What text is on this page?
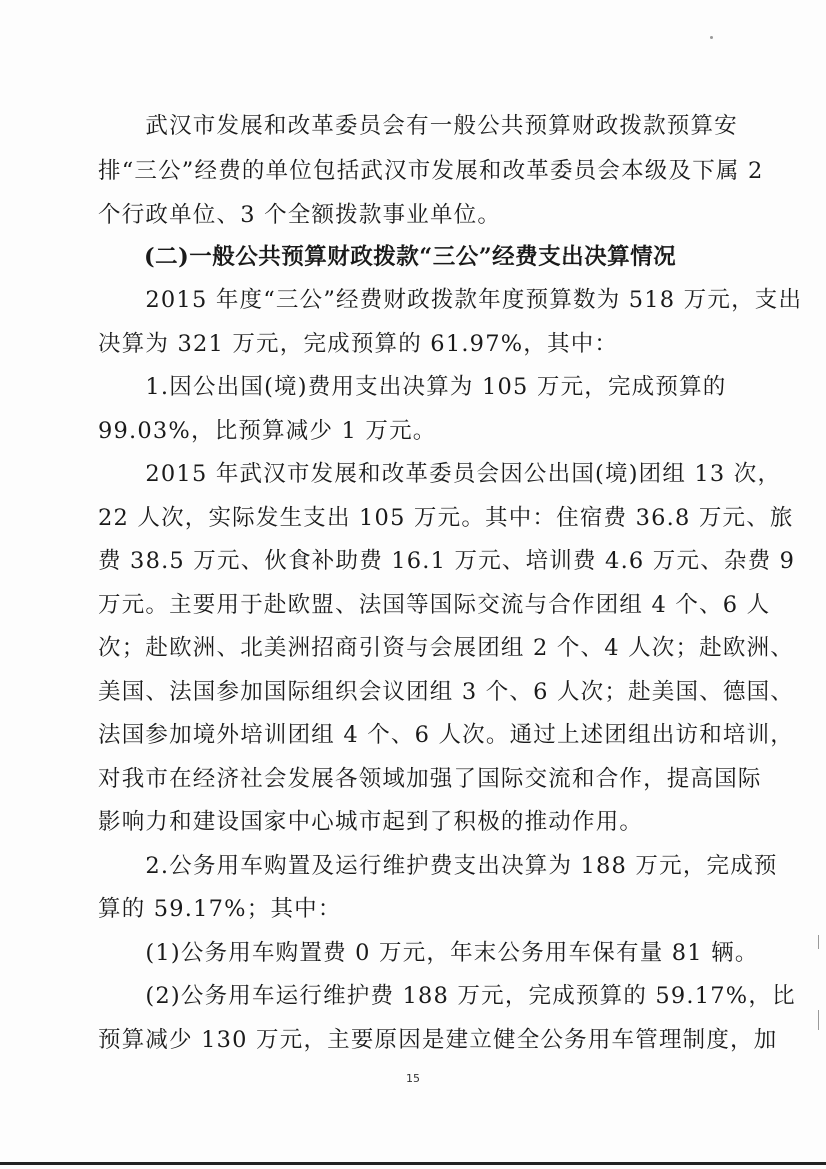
　　武汉市发展和改革委员会有一般公共预算财政拨款预算安
排“三公”经费的单位包括武汉市发展和改革委员会本级及下属 2
个行政单位、3 个全额拨款事业单位。
　　(二)一般公共预算财政拨款“三公”经费支出决算情况
　　2015 年度“三公”经费财政拨款年度预算数为 518 万元，支出
决算为 321 万元，完成预算的 61.97%，其中：
　　1.因公出国(境)费用支出决算为 105 万元，完成预算的
99.03%，比预算减少 1 万元。
　　2015 年武汉市发展和改革委员会因公出国(境)团组 13 次，
22 人次，实际发生支出 105 万元。其中：住宿费 36.8 万元、旅
费 38.5 万元、伙食补助费 16.1 万元、培训费 4.6 万元、杂费 9
万元。主要用于赴欧盟、法国等国际交流与合作团组 4 个、6 人
次；赴欧洲、北美洲招商引资与会展团组 2 个、4 人次；赴欧洲、
美国、法国参加国际组织会议团组 3 个、6 人次；赴美国、德国、
法国参加境外培训团组 4 个、6 人次。通过上述团组出访和培训，
对我市在经济社会发展各领域加强了国际交流和合作，提高国际
影响力和建设国家中心城市起到了积极的推动作用。
　　2.公务用车购置及运行维护费支出决算为 188 万元，完成预
算的 59.17%；其中：
　　(1)公务用车购置费 0 万元，年末公务用车保有量 81 辆。
　　(2)公务用车运行维护费 188 万元，完成预算的 59.17%，比
预算减少 130 万元，主要原因是建立健全公务用车管理制度，加
15
